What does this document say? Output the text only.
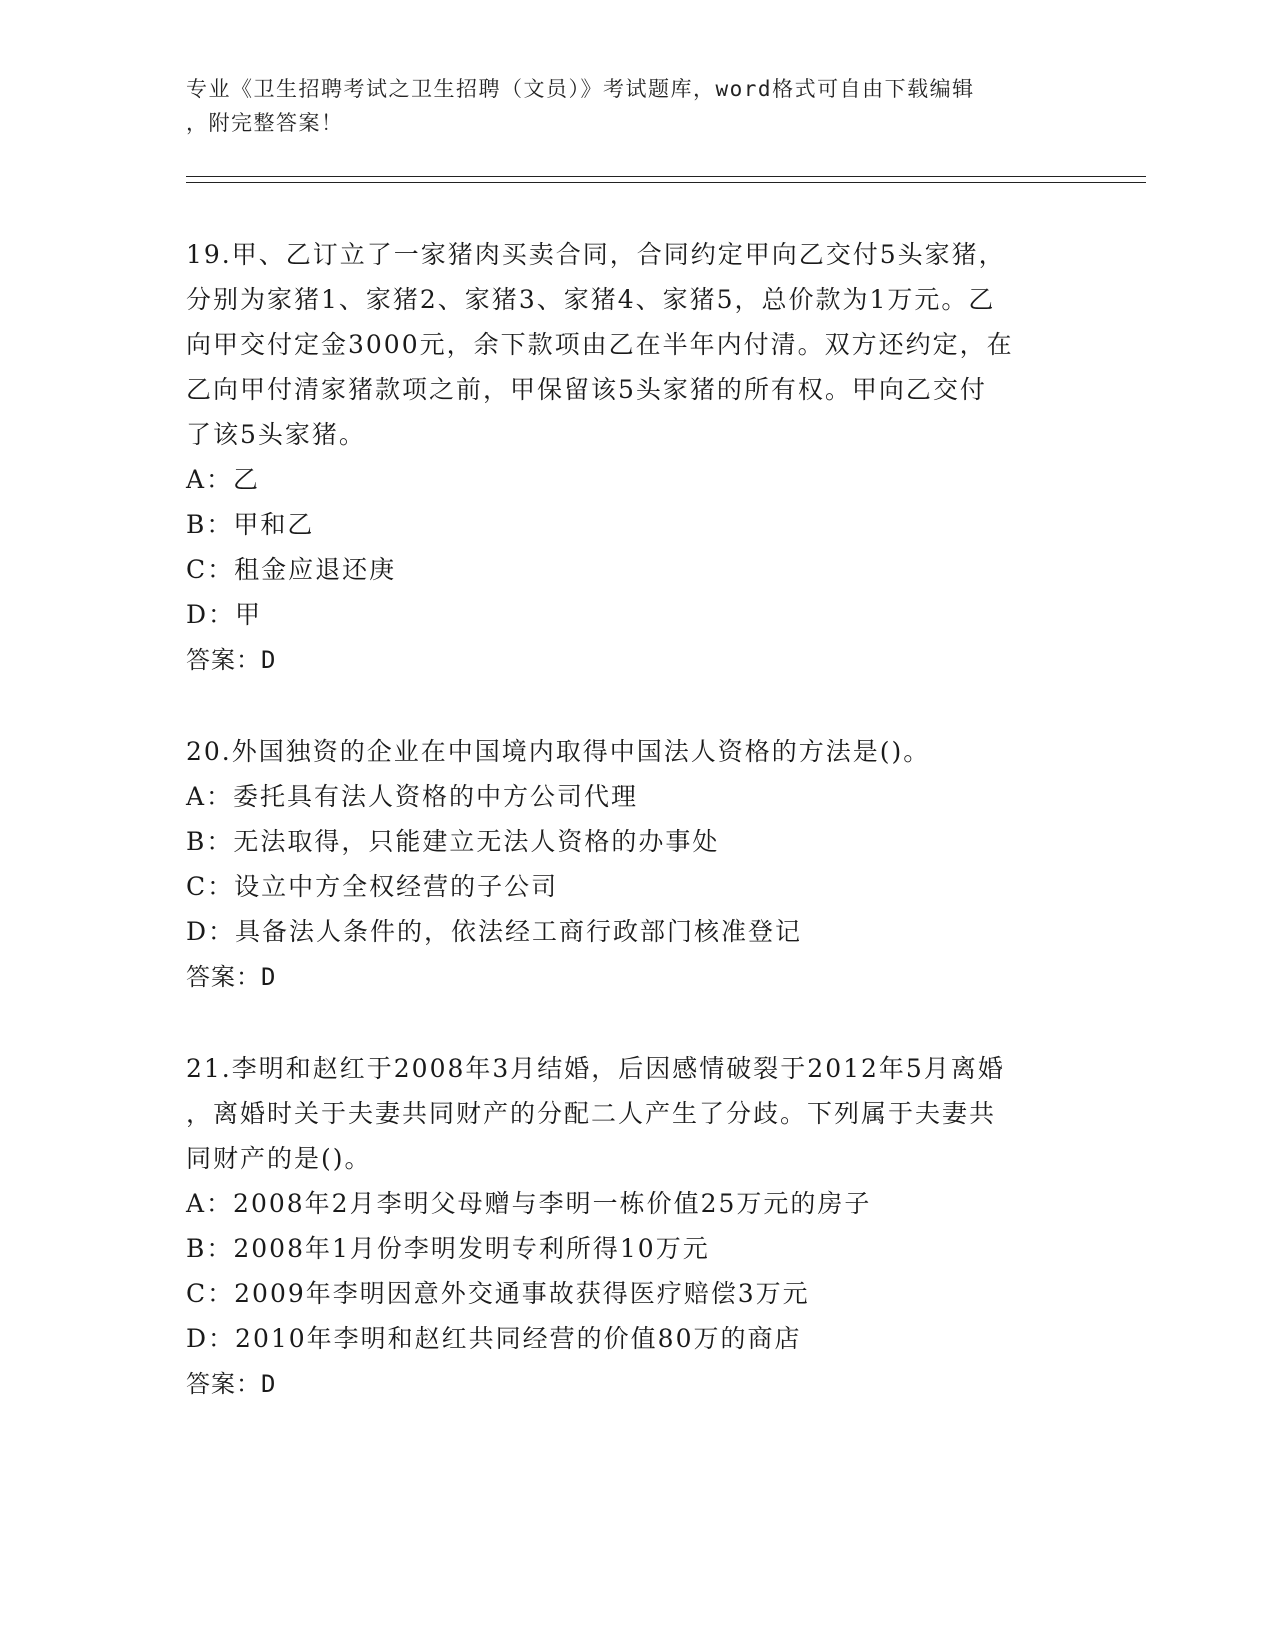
专业《卫生招聘考试之卫生招聘（文员）》考试题库，word格式可自由下载编辑
，附完整答案！
19.甲、乙订立了一家猪肉买卖合同，合同约定甲向乙交付5头家猪，
分别为家猪1、家猪2、家猪3、家猪4、家猪5，总价款为1万元。乙
向甲交付定金3000元，余下款项由乙在半年内付清。双方还约定，在
乙向甲付清家猪款项之前，甲保留该5头家猪的所有权。甲向乙交付
了该5头家猪。
A：乙
B：甲和乙
C：租金应退还庚
D：甲
答案：D
20.外国独资的企业在中国境内取得中国法人资格的方法是()。
A：委托具有法人资格的中方公司代理
B：无法取得，只能建立无法人资格的办事处
C：设立中方全权经营的子公司
D：具备法人条件的，依法经工商行政部门核准登记
答案：D
21.李明和赵红于2008年3月结婚，后因感情破裂于2012年5月离婚
，离婚时关于夫妻共同财产的分配二人产生了分歧。下列属于夫妻共
同财产的是()。
A：2008年2月李明父母赠与李明一栋价值25万元的房子
B：2008年1月份李明发明专利所得10万元
C：2009年李明因意外交通事故获得医疗赔偿3万元
D：2010年李明和赵红共同经营的价值80万的商店
答案：D
